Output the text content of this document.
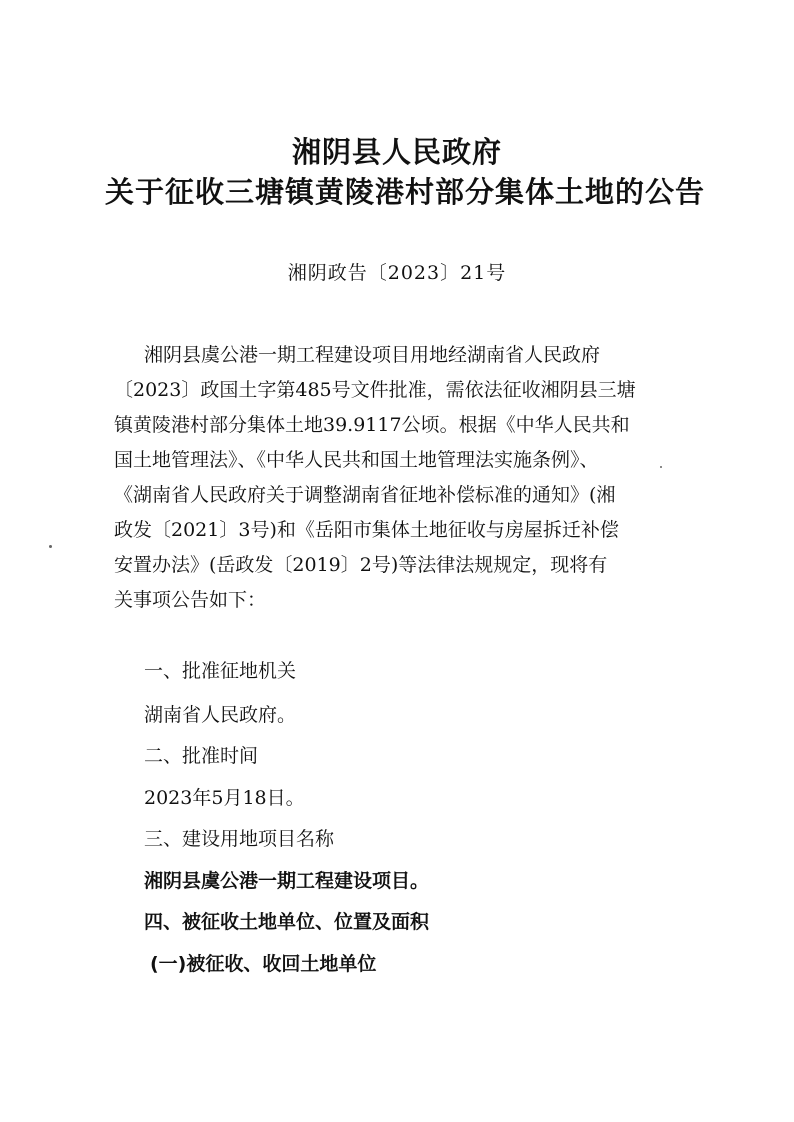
湘阴县人民政府
关于征收三塘镇黄陵港村部分集体土地的公告
湘阴政告〔2023〕21号
湘阴县虞公港一期工程建设项目用地经湖南省人民政府
〔2023〕政国土字第485号文件批准，需依法征收湘阴县三塘
镇黄陵港村部分集体土地39.9117公顷。根据《中华人民共和
国土地管理法》、《中华人民共和国土地管理法实施条例》、
《湖南省人民政府关于调整湖南省征地补偿标准的通知》(湘
政发〔2021〕3号)和《岳阳市集体土地征收与房屋拆迁补偿
安置办法》(岳政发〔2019〕2号)等法律法规规定，现将有
关事项公告如下：
一、批准征地机关
湖南省人民政府。
二、批准时间
2023年5月18日。
三、建设用地项目名称
湘阴县虞公港一期工程建设项目。
四、被征收土地单位、位置及面积
(一)被征收、收回土地单位
